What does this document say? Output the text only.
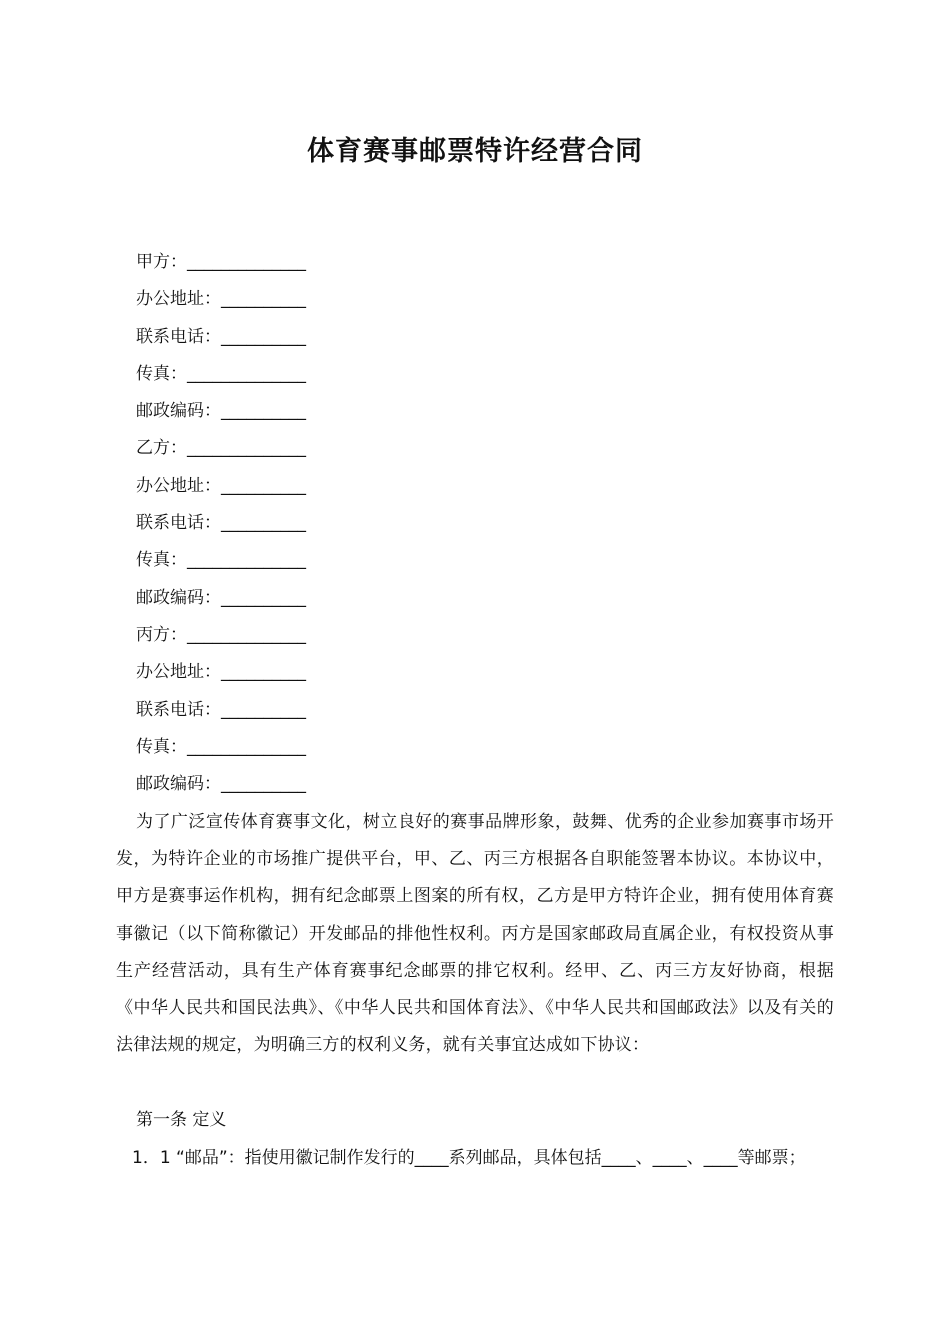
体育赛事邮票特许经营合同
甲方：______________
办公地址：__________
联系电话：__________
传真：______________
邮政编码：__________
乙方：______________
办公地址：__________
联系电话：__________
传真：______________
邮政编码：__________
丙方：______________
办公地址：__________
联系电话：__________
传真：______________
邮政编码：__________
为了广泛宣传体育赛事文化，树立良好的赛事品牌形象，鼓舞、优秀的企业参加赛事市场开发，为特许企业的市场推广提供平台，甲、乙、丙三方根据各自职能签署本协议。本协议中，甲方是赛事运作机构，拥有纪念邮票上图案的所有权，乙方是甲方特许企业，拥有使用体育赛事徽记（以下简称徽记）开发邮品的排他性权利。丙方是国家邮政局直属企业，有权投资从事生产经营活动，具有生产体育赛事纪念邮票的排它权利。经甲、乙、丙三方友好协商，根据《中华人民共和国民法典》、《中华人民共和国体育法》、《中华人民共和国邮政法》以及有关的法律法规的规定，为明确三方的权利义务，就有关事宜达成如下协议：
第一条 定义
1．1 “邮品”：指使用徽记制作发行的____系列邮品，具体包括____、____、____等邮票；
